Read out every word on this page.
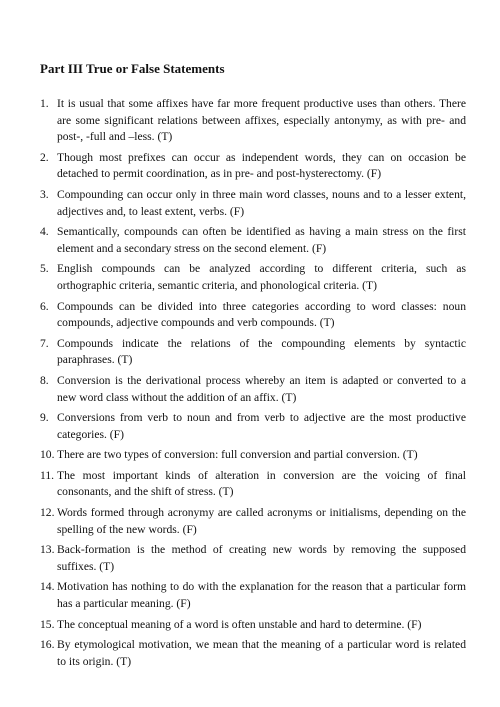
Part III True or False Statements
1. It is usual that some affixes have far more frequent productive uses than others. There are some significant relations between affixes, especially antonymy, as with pre- and post-, -full and –less. (T)
2. Though most prefixes can occur as independent words, they can on occasion be detached to permit coordination, as in pre- and post-hysterectomy. (F)
3. Compounding can occur only in three main word classes, nouns and to a lesser extent, adjectives and, to least extent, verbs. (F)
4. Semantically, compounds can often be identified as having a main stress on the first element and a secondary stress on the second element. (F)
5. English compounds can be analyzed according to different criteria, such as orthographic criteria, semantic criteria, and phonological criteria. (T)
6. Compounds can be divided into three categories according to word classes: noun compounds, adjective compounds and verb compounds. (T)
7. Compounds indicate the relations of the compounding elements by syntactic paraphrases. (T)
8. Conversion is the derivational process whereby an item is adapted or converted to a new word class without the addition of an affix. (T)
9. Conversions from verb to noun and from verb to adjective are the most productive categories. (F)
10. There are two types of conversion: full conversion and partial conversion. (T)
11. The most important kinds of alteration in conversion are the voicing of final consonants, and the shift of stress. (T)
12. Words formed through acronymy are called acronyms or initialisms, depending on the spelling of the new words. (F)
13. Back-formation is the method of creating new words by removing the supposed suffixes. (T)
14. Motivation has nothing to do with the explanation for the reason that a particular form has a particular meaning. (F)
15. The conceptual meaning of a word is often unstable and hard to determine. (F)
16. By etymological motivation, we mean that the meaning of a particular word is related to its origin. (T)
